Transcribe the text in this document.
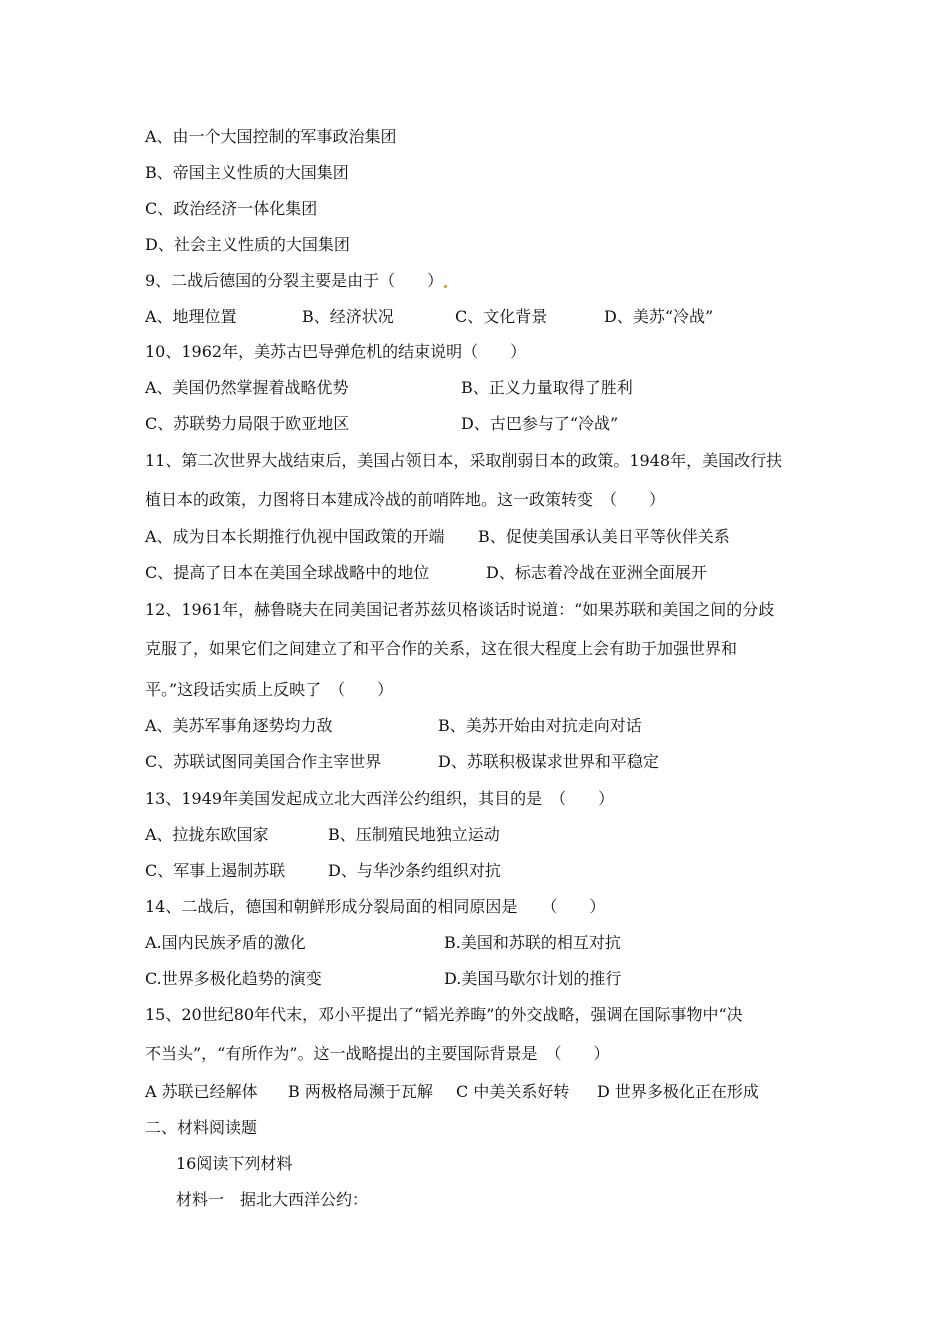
A、由一个大国控制的军事政治集团
B、帝国主义性质的大国集团
C、政治经济一体化集团
D、社会主义性质的大国集团
9、二战后德国的分裂主要是由于（　　）
A、地理位置	B、经济状况	C、文化背景	D、美苏“冷战”
10、1962年，美苏古巴导弹危机的结束说明（　　）
A、美国仍然掌握着战略优势	B、正义力量取得了胜利
C、苏联势力局限于欧亚地区	D、古巴参与了“冷战”
11、第二次世界大战结束后，美国占领日本，采取削弱日本的政策。1948年，美国改行扶
植日本的政策，力图将日本建成冷战的前哨阵地。这一政策转变　（　　）
A、成为日本长期推行仇视中国政策的开端 B、促使美国承认美日平等伙伴关系
C、提高了日本在美国全球战略中的地位	D、标志着冷战在亚洲全面展开
12、1961年，赫鲁晓夫在同美国记者苏兹贝格谈话时说道：“如果苏联和美国之间的分歧
克服了，如果它们之间建立了和平合作的关系，这在很大程度上会有助于加强世界和
平。”这段话实质上反映了　（　　）
A、美苏军事角逐势均力敌	B、美苏开始由对抗走向对话
C、苏联试图同美国合作主宰世界	D、苏联积极谋求世界和平稳定
13、1949年美国发起成立北大西洋公约组织，其目的是　（　　）
A、拉拢东欧国家	B、压制殖民地独立运动
C、军事上遏制苏联	D、与华沙条约组织对抗
14、二战后，德国和朝鲜形成分裂局面的相同原因是　　（　　）
A.国内民族矛盾的激化	B.美国和苏联的相互对抗
C.世界多极化趋势的演变	D.美国马歇尔计划的推行
15、20世纪80年代末，邓小平提出了“韬光养晦”的外交战略，强调在国际事物中“决
不当头”，“有所作为”。这一战略提出的主要国际背景是　（　　）
A 苏联已经解体 B 两极格局濒于瓦解 C 中美关系好转 D 世界多极化正在形成
二、材料阅读题
16阅读下列材料
材料一　据北大西洋公约：
